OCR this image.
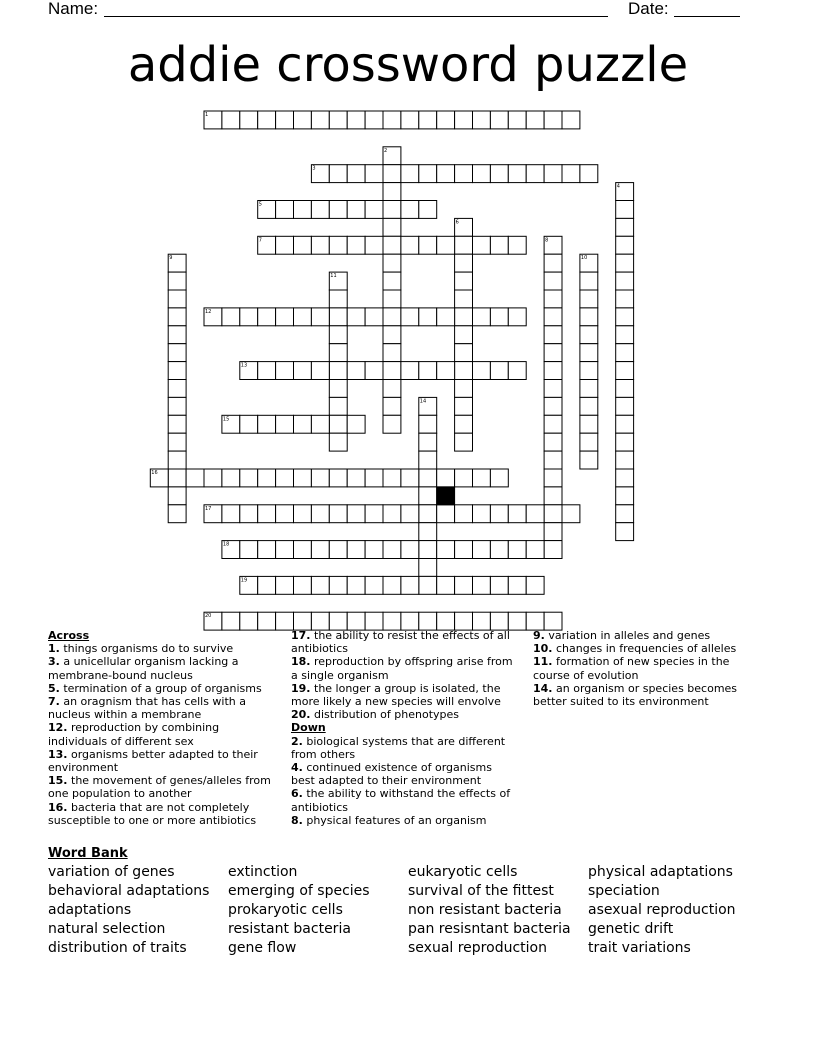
Name:	Date:
addie crossword puzzle
1
2
3
4
5
6
7	8
9	10
11
12
13
14
15
16
17
18
19
20
Across
1. things organisms do to survive
3. a unicellular organism lacking a membrane-bound nucleus
5. termination of a group of organisms
7. an oragnism that has cells with a nucleus within a membrane
12. reproduction by combining individuals of different sex
13. organisms better adapted to their environment
15. the movement of genes/alleles from one population to another
16. bacteria that are not completely susceptible to one or more antibiotics
17. the ability to resist the effects of all antibiotics
18. reproduction by offspring arise from a single organism
19. the longer a group is isolated, the more likely a new species will envolve
20. distribution of phenotypes
Down
2. biological systems that are different from others
4. continued existence of organisms best adapted to their environment
6. the ability to withstand the effects of antibiotics
8. physical features of an organism
9. variation in alleles and genes
10. changes in frequencies of alleles
11. formation of new species in the course of evolution
14. an organism or species becomes better suited to its environment
Word Bank
variation of genes	extinction	eukaryotic cells	physical adaptations
behavioral adaptations	emerging of species	survival of the fittest	speciation
adaptations	prokaryotic cells	non resistant bacteria	asexual reproduction
natural selection	resistant bacteria	pan resisntant bacteria	genetic drift
distribution of traits	gene flow	sexual reproduction	trait variations
